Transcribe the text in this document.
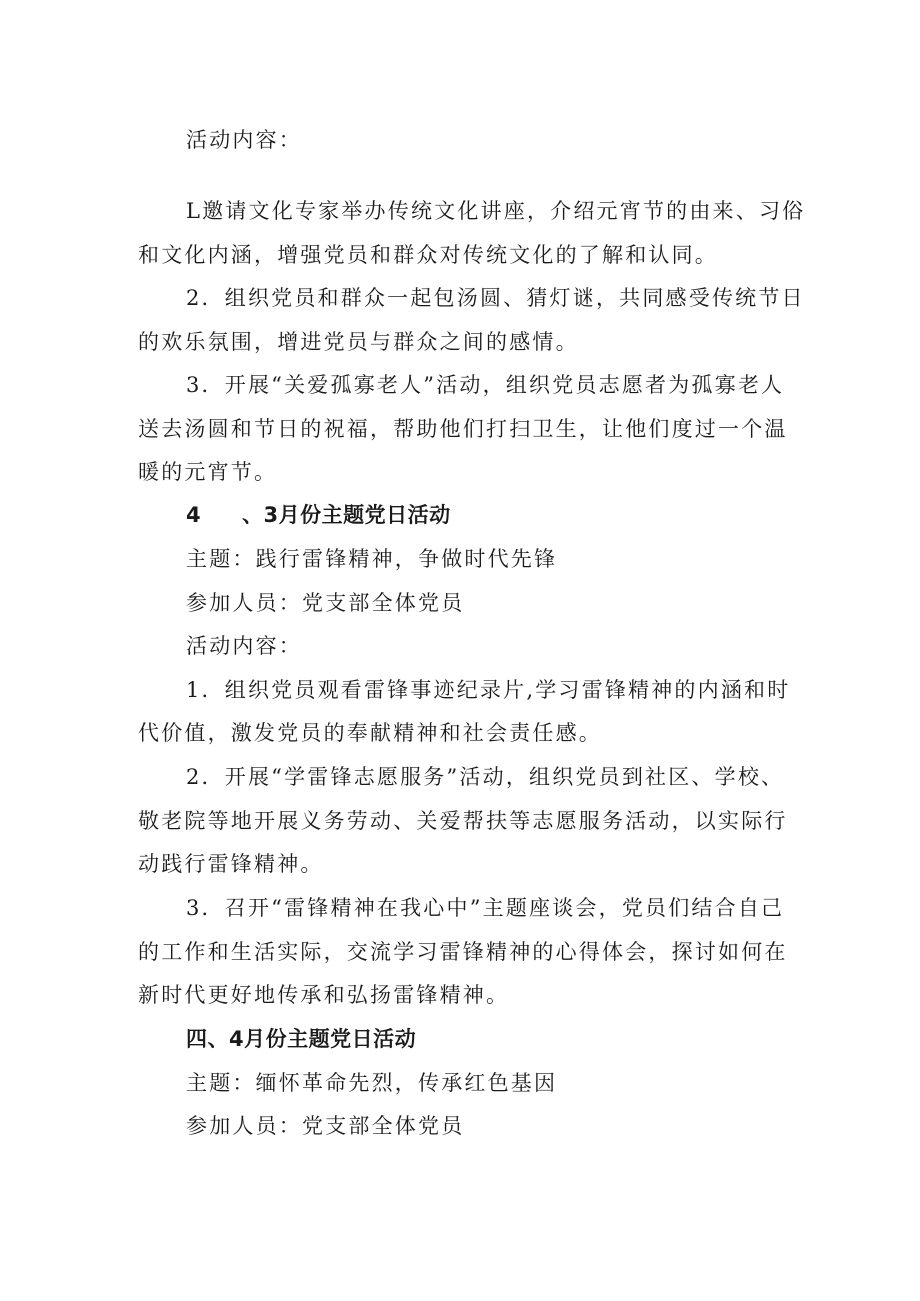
活动内容：

L邀请文化专家举办传统文化讲座，介绍元宵节的由来、习俗

和文化内涵，增强党员和群众对传统文化的了解和认同。

2．组织党员和群众一起包汤圆、猜灯谜，共同感受传统节日

的欢乐氛围，增进党员与群众之间的感情。

3．开展“关爱孤寡老人”活动，组织党员志愿者为孤寡老人

送去汤圆和节日的祝福，帮助他们打扫卫生，让他们度过一个温

暖的元宵节。

4 、3月份主题党日活动

主题：践行雷锋精神，争做时代先锋

参加人员：党支部全体党员

活动内容：

1．组织党员观看雷锋事迹纪录片,学习雷锋精神的内涵和时

代价值，激发党员的奉献精神和社会责任感。

2．开展“学雷锋志愿服务”活动，组织党员到社区、学校、

敬老院等地开展义务劳动、关爱帮扶等志愿服务活动，以实际行

动践行雷锋精神。

3．召开“雷锋精神在我心中”主题座谈会，党员们结合自己

的工作和生活实际，交流学习雷锋精神的心得体会，探讨如何在

新时代更好地传承和弘扬雷锋精神。

四、4月份主题党日活动

主题：缅怀革命先烈，传承红色基因

参加人员：党支部全体党员
